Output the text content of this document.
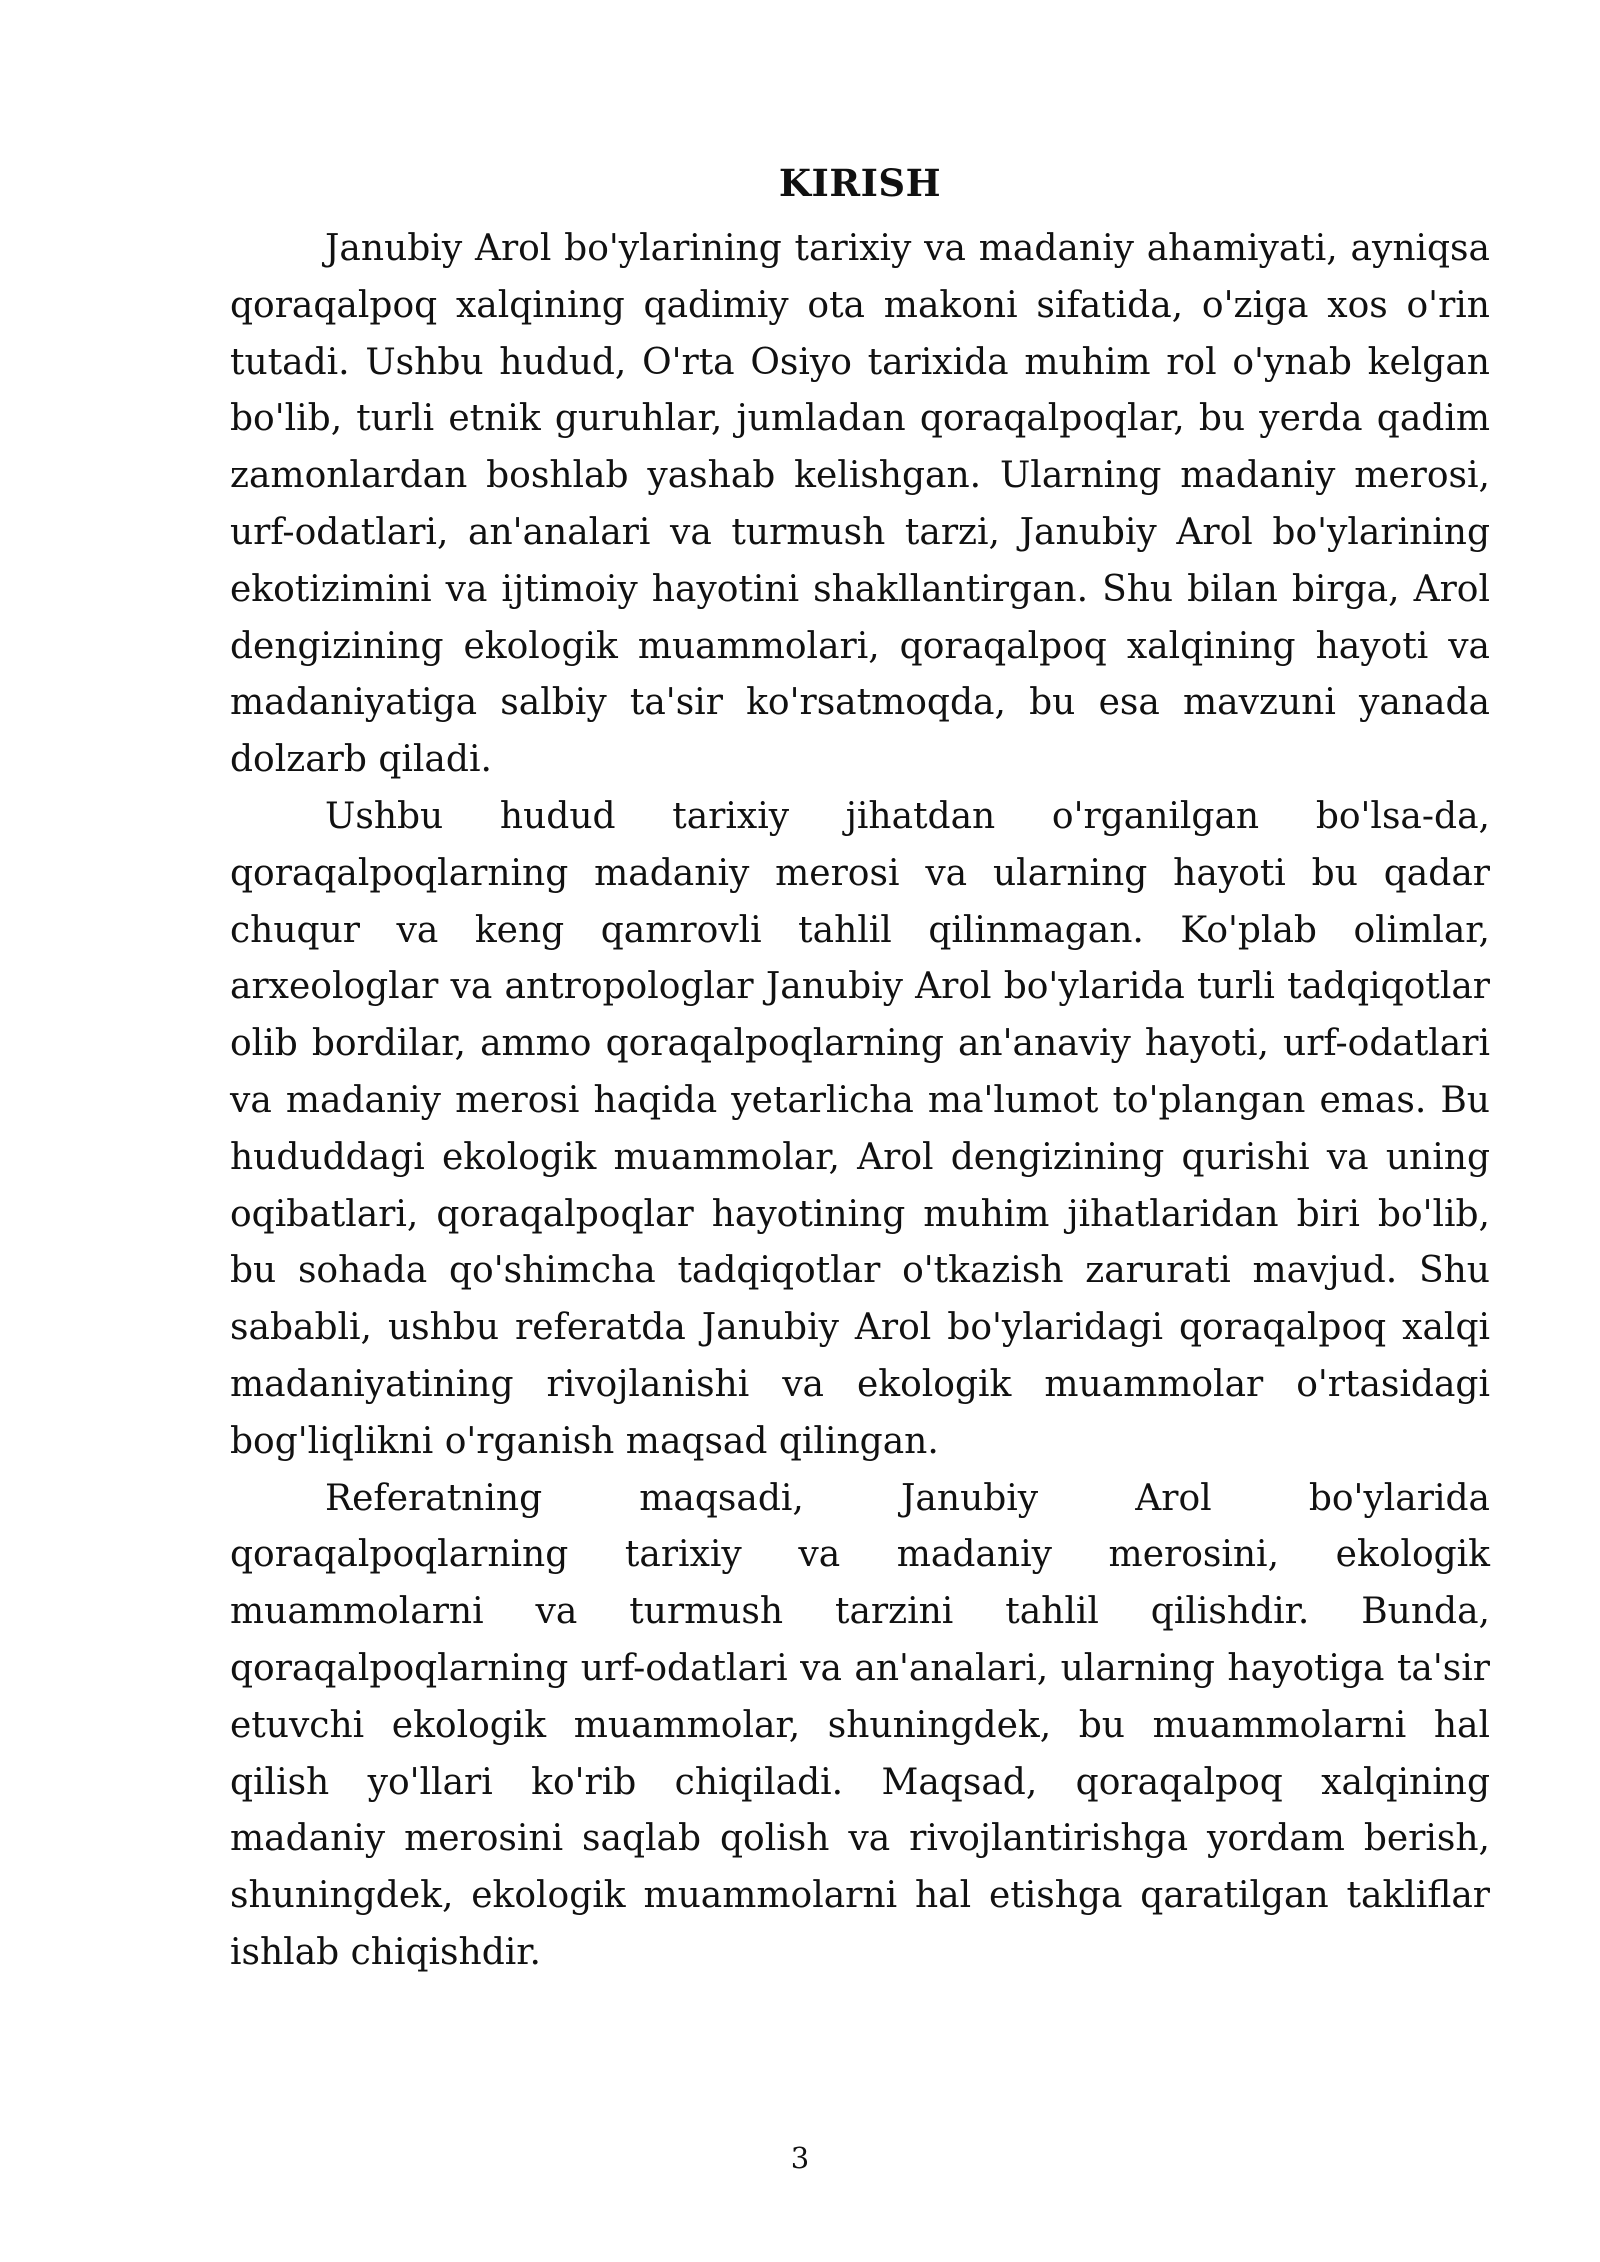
KIRISH

Janubiy Arol bo'ylarining tarixiy va madaniy ahamiyati, ayniqsa qoraqalpoq xalqining qadimiy ota makoni sifatida, o'ziga xos o'rin tutadi. Ushbu hudud, O'rta Osiyo tarixida muhim rol o'ynab kelgan bo'lib, turli etnik guruhlar, jumladan qoraqalpoqlar, bu yerda qadim zamonlardan boshlab yashab kelishgan. Ularning madaniy merosi, urf-odatlari, an'analari va turmush tarzi, Janubiy Arol bo'ylarining ekotizimini va ijtimoiy hayotini shakllantirgan. Shu bilan birga, Arol dengizining ekologik muammolari, qoraqalpoq xalqining hayoti va madaniyatiga salbiy ta'sir ko'rsatmoqda, bu esa mavzuni yanada dolzarb qiladi.

Ushbu hudud tarixiy jihatdan o'rganilgan bo'lsa-da, qoraqalpoqlarning madaniy merosi va ularning hayoti bu qadar chuqur va keng qamrovli tahlil qilinmagan. Ko'plab olimlar, arxeologlar va antropologlar Janubiy Arol bo'ylarida turli tadqiqotlar olib bordilar, ammo qoraqalpoqlarning an'anaviy hayoti, urf-odatlari va madaniy merosi haqida yetarlicha ma'lumot to'plangan emas. Bu hududdagi ekologik muammolar, Arol dengizining qurishi va uning oqibatlari, qoraqalpoqlar hayotining muhim jihatlaridan biri bo'lib, bu sohada qo'shimcha tadqiqotlar o'tkazish zarurati mavjud. Shu sababli, ushbu referatda Janubiy Arol bo'ylaridagi qoraqalpoq xalqi madaniyatining rivojlanishi va ekologik muammolar o'rtasidagi bog'liqlikni o'rganish maqsad qilingan.

Referatning maqsadi, Janubiy Arol bo'ylarida qoraqalpoqlarning tarixiy va madaniy merosini, ekologik muammolarni va turmush tarzini tahlil qilishdir. Bunda, qoraqalpoqlarning urf-odatlari va an'analari, ularning hayotiga ta'sir etuvchi ekologik muammolar, shuningdek, bu muammolarni hal qilish yo'llari ko'rib chiqiladi. Maqsad, qoraqalpoq xalqining madaniy merosini saqlab qolish va rivojlantirishga yordam berish, shuningdek, ekologik muammolarni hal etishga qaratilgan takliflar ishlab chiqishdir.

3
